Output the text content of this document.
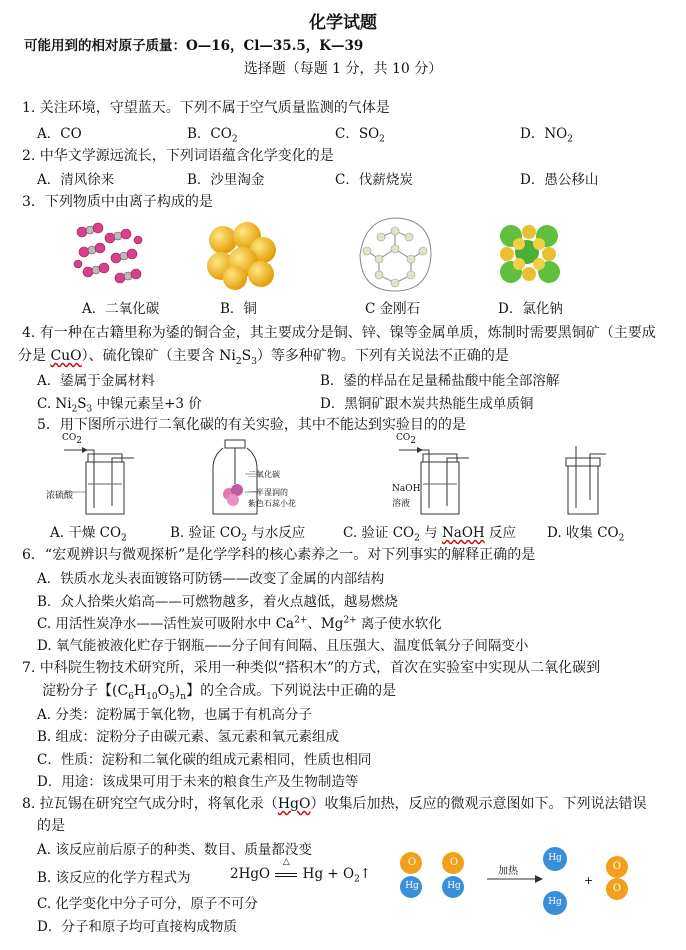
化学试题
可能用到的相对原子质量：O—16，Cl—35.5，K—39
选择题（每题 1 分，共 10 分）
1. 关注环境，守望蓝天。下列不属于空气质量监测的气体是
A．CO	B．$CO_2$	C．$SO_2$	D．$NO_2$
2. 中华文学源远流长，下列词语蕴含化学变化的是
A．清风徐来	B．沙里淘金	C．伐薪烧炭	D．愚公移山
3．下列物质中由离子构成的是
A．二氧化碳	B．铜	C 金刚石	D．氯化钠
4. 有一种在古籍里称为鋈的铜合金，其主要成分是铜、锌、镍等金属单质，炼制时需要黑铜矿（主要成
分是 CuO）、硫化镍矿（主要含 $Ni_2S_3$）等多种矿物。下列有关说法不正确的是
A．鋈属于金属材料	B．鋈的样品在足量稀盐酸中能全部溶解
C. $Ni_2S_3$ 中镍元素呈+3 价	D．黑铜矿跟木炭共热能生成单质铜
5．用下图所示进行二氧化碳的有关实验，其中不能达到实验目的的是
$CO_2$
浓硫酸
二氧化碳
一半湿润的
紫色石蕊小花
$CO_2$
NaOH
溶液
A. 干燥 $CO_2$	B. 验证 $CO_2$ 与水反应	C. 验证 $CO_2$ 与 NaOH 反应 D. 收集 $CO_2$
6．“宏观辨识与微观探析”是化学学科的核心素养之一。对下列事实的解释正确的是
A．铁质水龙头表面镀铬可防锈——改变了金属的内部结构
B．众人拾柴火焰高——可燃物越多，着火点越低，越易燃烧
C. 用活性炭净水——活性炭可吸附水中 $Ca^{2+}$、$Mg^{2+}$ 离子使水软化
D. 氧气能被液化贮存于钢瓶——分子间有间隔、且压强大、温度低氧分子间隔变小
7. 中科院生物技术研究所，采用一种类似“搭积木”的方式，首次在实验室中实现从二氧化碳到
淀粉分子【$(C_6H_{10}O_5)_n$】的全合成。下列说法中正确的是
A. 分类：淀粉属于氧化物，也属于有机高分子
B. 组成：淀粉分子由碳元素、氢元素和氧元素组成
C．性质：淀粉和二氧化碳的组成元素相同，性质也相同
D．用途：该成果可用于未来的粮食生产及生物制造等
8. 拉瓦锡在研究空气成分时，将氧化汞（HgO）收集后加热，反应的微观示意图如下。下列说法错误
的是
A. 该反应前后原子的种类、数目、质量都没变
B. 该反应的化学方程式为	2HgO
△
$Hg + O_2↑$
C. 化学变化中分子可分，原子不可分
D．分子和原子均可直接构成物质
O
Hg
O
Hg
加热
Hg
Hg
+
O
O
